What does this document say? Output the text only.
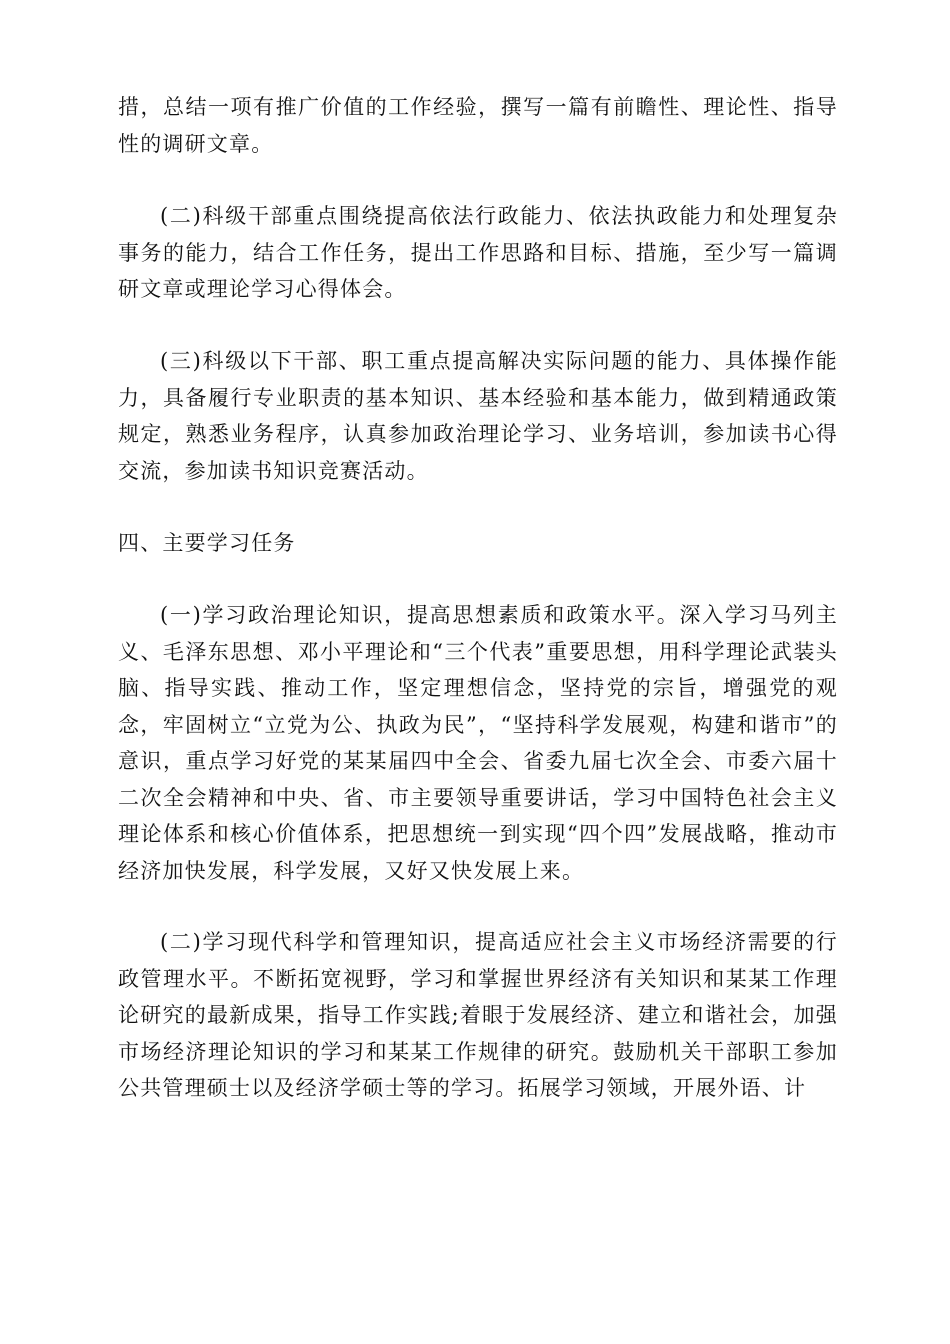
措，总结一项有推广价值的工作经验，撰写一篇有前瞻性、理论性、指导性的调研文章。

(二)科级干部重点围绕提高依法行政能力、依法执政能力和处理复杂事务的能力，结合工作任务，提出工作思路和目标、措施，至少写一篇调研文章或理论学习心得体会。

(三)科级以下干部、职工重点提高解决实际问题的能力、具体操作能力，具备履行专业职责的基本知识、基本经验和基本能力，做到精通政策规定，熟悉业务程序，认真参加政治理论学习、业务培训，参加读书心得交流，参加读书知识竞赛活动。

四、主要学习任务

(一)学习政治理论知识，提高思想素质和政策水平。深入学习马列主义、毛泽东思想、邓小平理论和“三个代表”重要思想，用科学理论武装头脑、指导实践、推动工作，坚定理想信念，坚持党的宗旨，增强党的观念，牢固树立“立党为公、执政为民”，“坚持科学发展观，构建和谐市”的意识，重点学习好党的某某届四中全会、省委九届七次全会、市委六届十二次全会精神和中央、省、市主要领导重要讲话，学习中国特色社会主义理论体系和核心价值体系，把思想统一到实现“四个四”发展战略，推动市经济加快发展，科学发展，又好又快发展上来。

(二)学习现代科学和管理知识，提高适应社会主义市场经济需要的行政管理水平。不断拓宽视野，学习和掌握世界经济有关知识和某某工作理论研究的最新成果，指导工作实践;着眼于发展经济、建立和谐社会，加强市场经济理论知识的学习和某某工作规律的研究。鼓励机关干部职工参加公共管理硕士以及经济学硕士等的学习。拓展学习领域，开展外语、计
